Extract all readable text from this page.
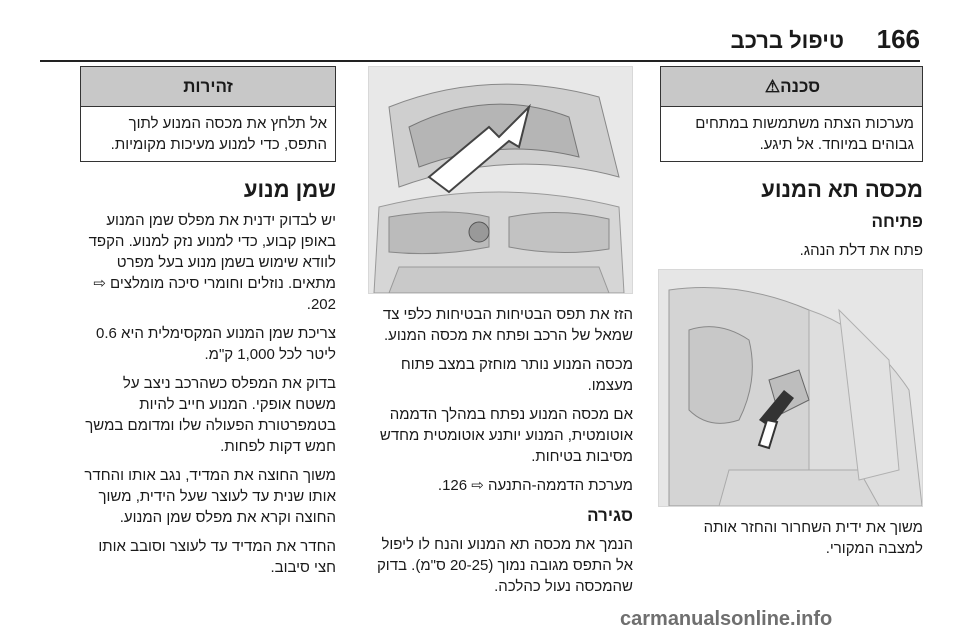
166
טיפול ברכב
סכנה⚠
מערכות הצתה משתמשות במתחים גבוהים במיוחד. אל תיגע.
מכסה תא המנוע
פתיחה

פתח את דלת הנהג.

משוך את ידית השחרור והחזר אותה למצבה המקורי.

הזז את תפס הבטיחות הבטיחות כלפי צד שמאל של הרכב ופתח את מכסה המנוע.

מכסה המנוע נותר מוחזק במצב פתוח מעצמו.

אם מכסה המנוע נפתח במהלך הדממה אוטומטית, המנוע יותנע אוטומטית מחדש מסיבות בטיחות.

מערכת הדממה-התנעה ⇨ 126.

סגירה

הנמך את מכסה תא המנוע והנח לו ליפול אל התפס מגובה נמוך (20-25 ס"מ). בדוק שהמכסה נעול כהלכה.

זהירות
אל תלחץ את מכסה המנוע לתוך התפס, כדי למנוע מעיכות מקומיות.
שמן מנוע

יש לבדוק ידנית את מפלס שמן המנוע באופן קבוע, כדי למנוע נזק למנוע. הקפד לוודא שימוש בשמן מנוע בעל מפרט מתאים. נוזלים וחומרי סיכה מומלצים ⇨ 202.

צריכת שמן המנוע המקסימלית היא 0.6 ליטר לכל 1,000 ק"מ.

בדוק את המפלס כשהרכב ניצב על משטח אופקי. המנוע חייב להיות בטמפרטורת הפעולה שלו ומדומם במשך חמש דקות לפחות.

משוך החוצה את המדיד, נגב אותו והחדר אותו שנית עד לעוצר שעל הידית, משוך החוצה וקרא את מפלס שמן המנוע.

החדר את המדיד עד לעוצר וסובב אותו חצי סיבוב.

carmanualsonline.info
